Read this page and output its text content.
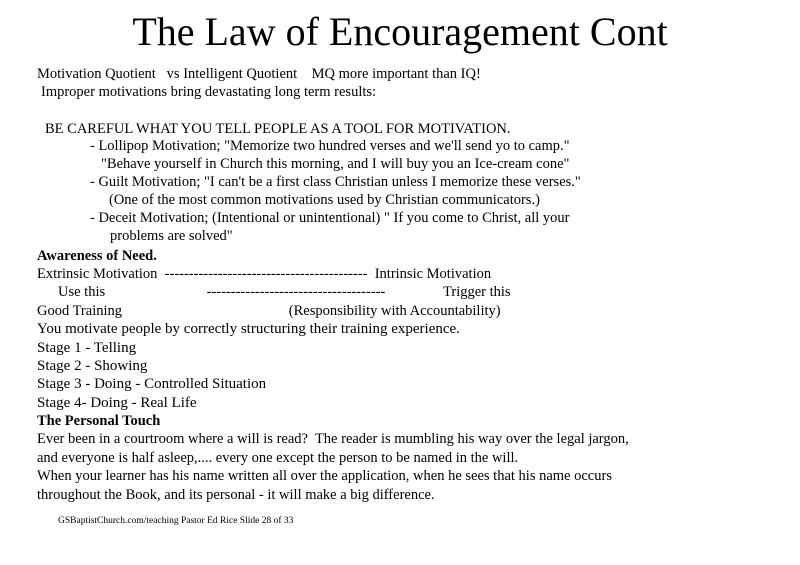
The Law of Encouragement Cont
Motivation Quotient   vs Intelligent Quotient    MQ more important than IQ!
Improper motivations bring devastating long term results:
BE CAREFUL WHAT YOU TELL PEOPLE AS A TOOL FOR MOTIVATION.
- Lollipop Motivation; "Memorize two hundred verses and we'll send yo to camp."
"Behave yourself in Church this morning, and I will buy you an Ice-cream cone"
- Guilt Motivation; "I can't be a first class Christian unless I memorize these verses."
(One of the most common motivations used by Christian communicators.)
- Deceit Motivation; (Intentional or unintentional) " If you come to Christ, all your
problems are solved"
Awareness of Need.
Extrinsic Motivation  ------------------------------------------  Intrinsic Motivation
Use this                            -------------------------------------                Trigger this
Good Training                                              (Responsibility with Accountability)
You motivate people by correctly structuring their training experience.
Stage 1 - Telling
Stage 2 - Showing
Stage 3 - Doing - Controlled Situation
Stage 4- Doing - Real Life
The Personal Touch
Ever been in a courtroom where a will is read?  The reader is mumbling his way over the legal jargon,
and everyone is half asleep,.... every one except the person to be named in the will.
When your learner has his name written all over the application, when he sees that his name occurs
throughout the Book, and its personal - it will make a big difference.
GSBaptistChurch.com/teaching Pastor Ed Rice Slide 28 of 33
